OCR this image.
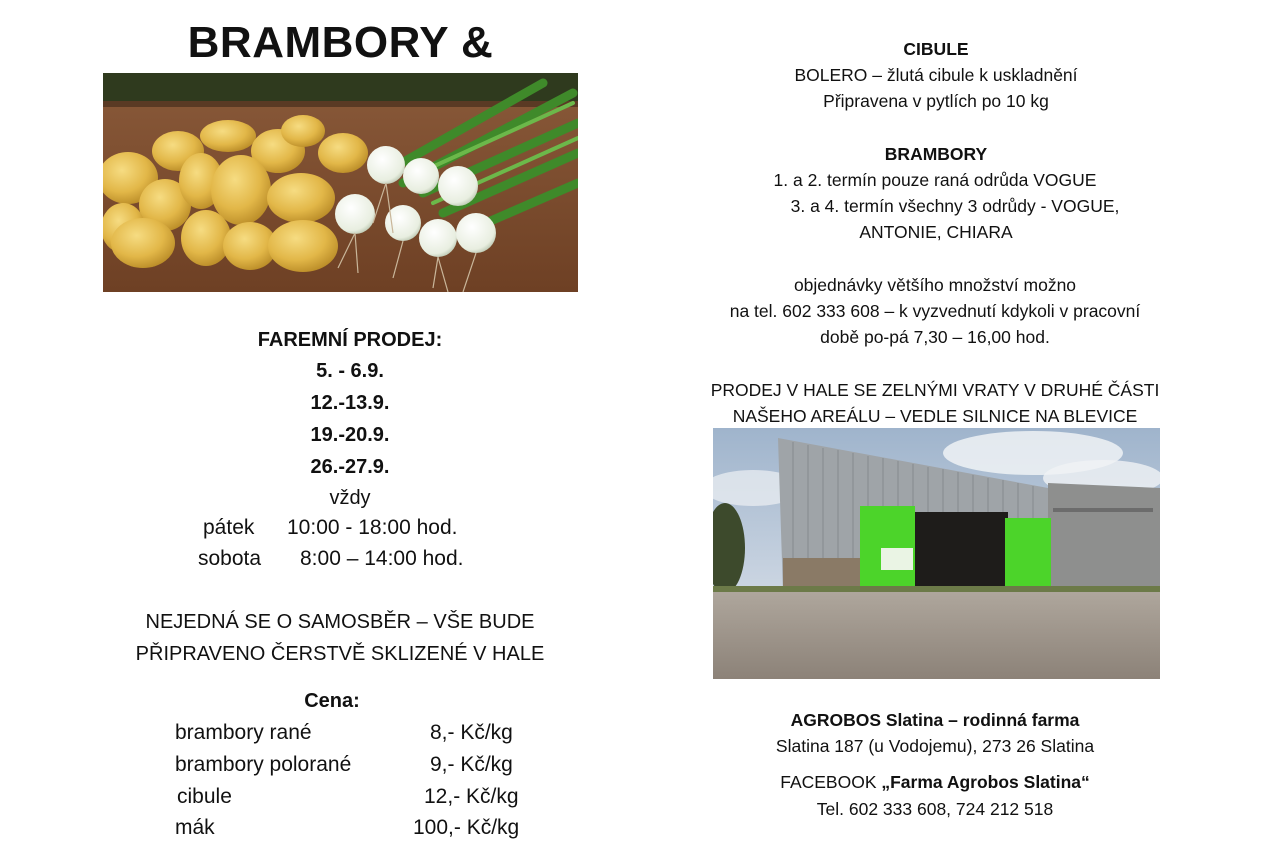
BRAMBORY &
FAREMNÍ PRODEJ:
5. - 6.9.
12.-13.9.
19.-20.9.
26.-27.9.
vždy
pátek 10:00 - 18:00 hod.
sobota 8:00 – 14:00 hod.
NEJEDNÁ SE O SAMOSBĚR – VŠE BUDE
PŘIPRAVENO ČERSTVĚ SKLIZENÉ V HALE
Cena:
brambory rané	8,- Kč/kg
brambory polorané	9,- Kč/kg
cibule	12,- Kč/kg
mák	100,- Kč/kg
CIBULE
BOLERO – žlutá cibule k uskladnění
Připravena v pytlích po 10 kg
BRAMBORY
1. a 2. termín pouze raná odrůda VOGUE
3. a 4. termín všechny 3 odrůdy - VOGUE,
ANTONIE, CHIARA
objednávky většího množství možno
na tel. 602 333 608 – k vyzvednutí kdykoli v pracovní
době po-pá 7,30 – 16,00 hod.
PRODEJ V HALE SE ZELNÝMI VRATY V DRUHÉ ČÁSTI
NAŠEHO AREÁLU – VEDLE SILNICE NA BLEVICE
AGROBOS Slatina – rodinná farma
Slatina 187 (u Vodojemu), 273 26 Slatina
FACEBOOK „Farma Agrobos Slatina“
Tel. 602 333 608, 724 212 518
